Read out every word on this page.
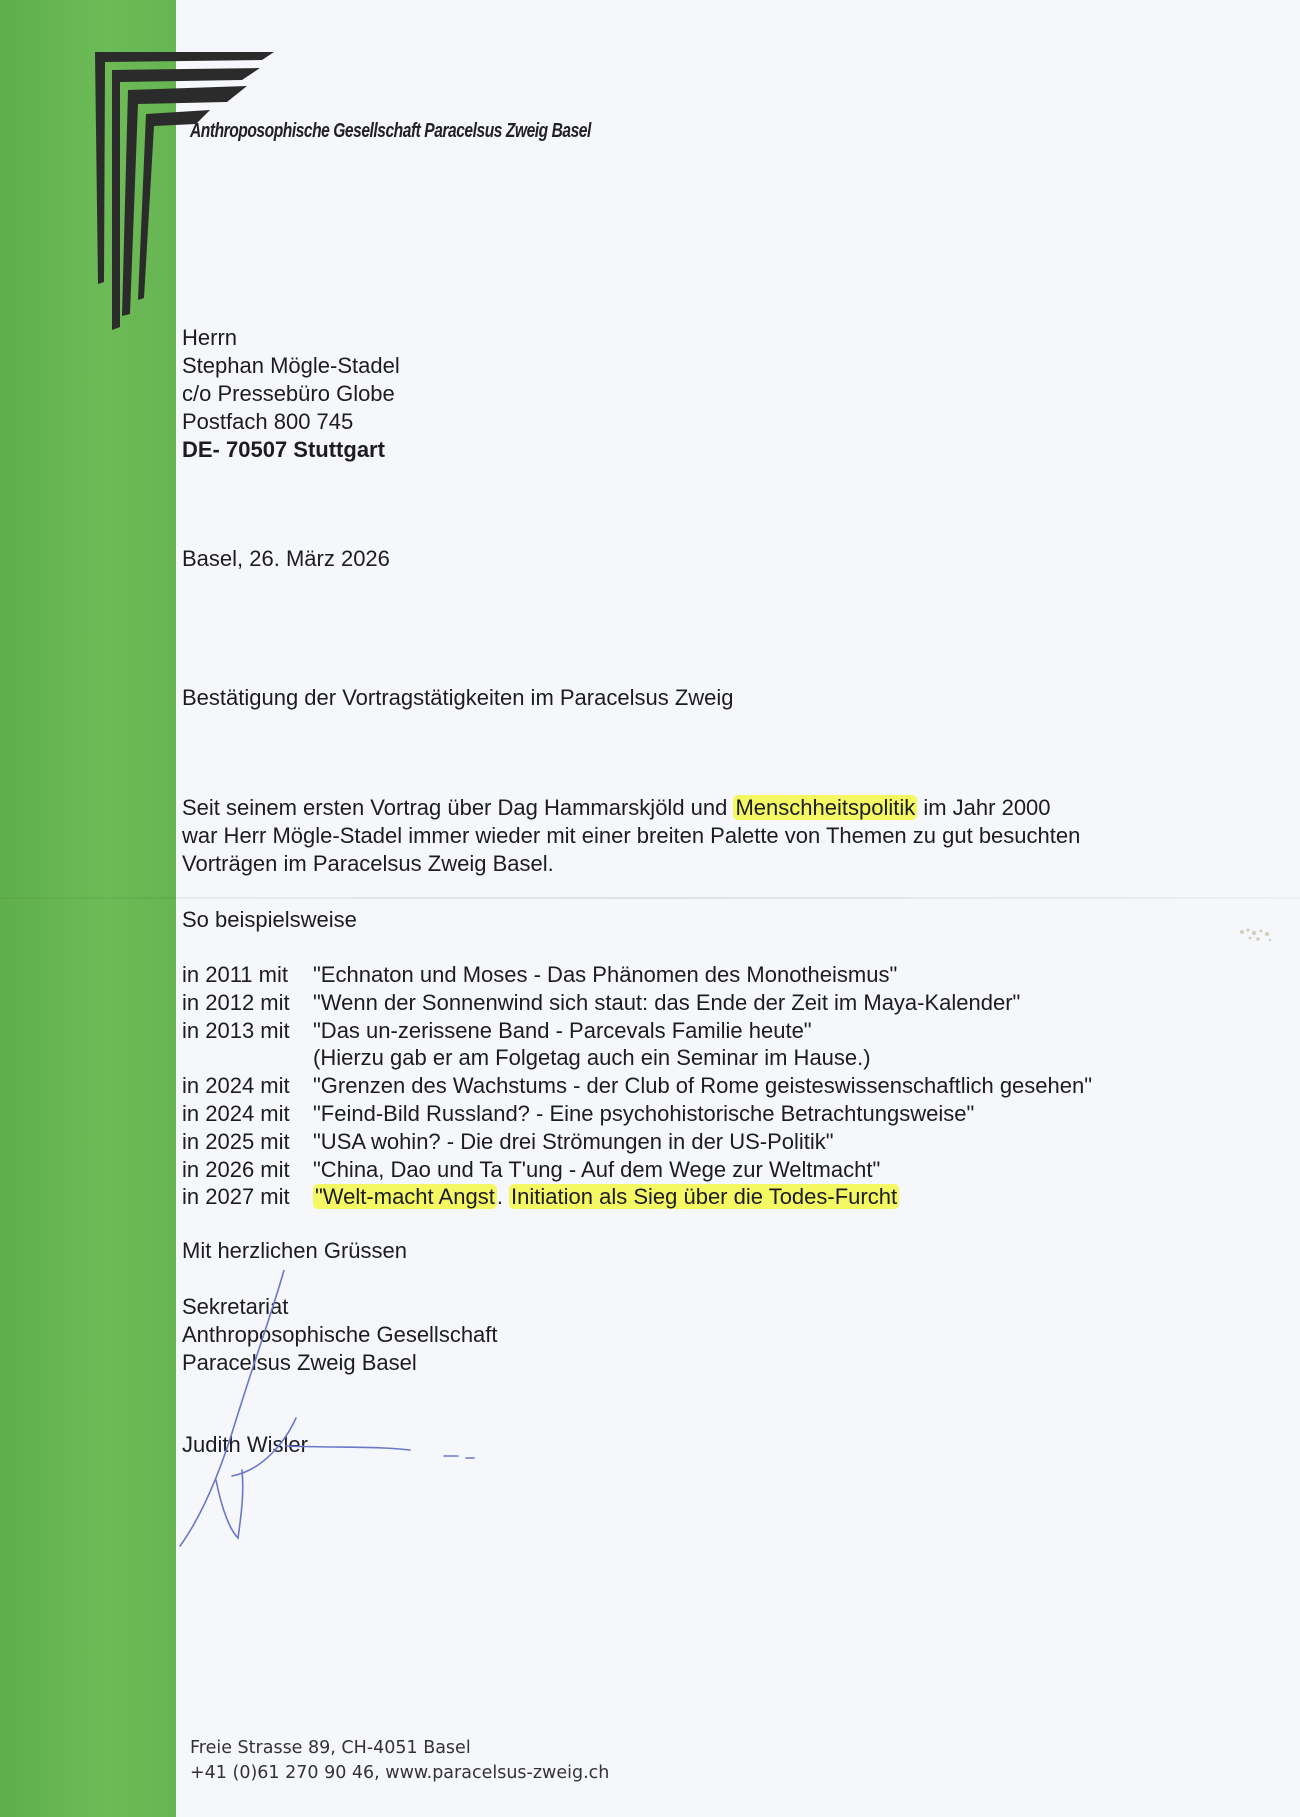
Anthroposophische Gesellschaft Paracelsus Zweig Basel
Herrn
Stephan Mögle-Stadel
c/o Pressebüro Globe
Postfach 800 745
DE- 70507 Stuttgart
Basel, 26. März 2026
Bestätigung der Vortragstätigkeiten im Paracelsus Zweig
Seit seinem ersten Vortrag über Dag Hammarskjöld und Menschheitspolitik im Jahr 2000
war Herr Mögle-Stadel immer wieder mit einer breiten Palette von Themen zu gut besuchten
Vorträgen im Paracelsus Zweig Basel.
So beispielsweise
in 2011 mit	"Echnaton und Moses - Das Phänomen des Monotheismus"
in 2012 mit	"Wenn der Sonnenwind sich staut: das Ende der Zeit im Maya-Kalender"
in 2013 mit	"Das un-zerissene Band - Parcevals Familie heute"
(Hierzu gab er am Folgetag auch ein Seminar im Hause.)
in 2024 mit	"Grenzen des Wachstums - der Club of Rome geisteswissenschaftlich gesehen"
in 2024 mit	"Feind-Bild Russland? - Eine psychohistorische Betrachtungsweise"
in 2025 mit	"USA wohin? - Die drei Strömungen in der US-Politik"
in 2026 mit	"China, Dao und Ta T'ung - Auf dem Wege zur Weltmacht"
in 2027 mit	"Welt-macht Angst. Initiation als Sieg über die Todes-Furcht
Mit herzlichen Grüssen
Sekretariat
Anthroposophische Gesellschaft
Paracelsus Zweig Basel
Judith Wisler
Freie Strasse 89, CH-4051 Basel
+41 (0)61 270 90 46, www.paracelsus-zweig.ch
